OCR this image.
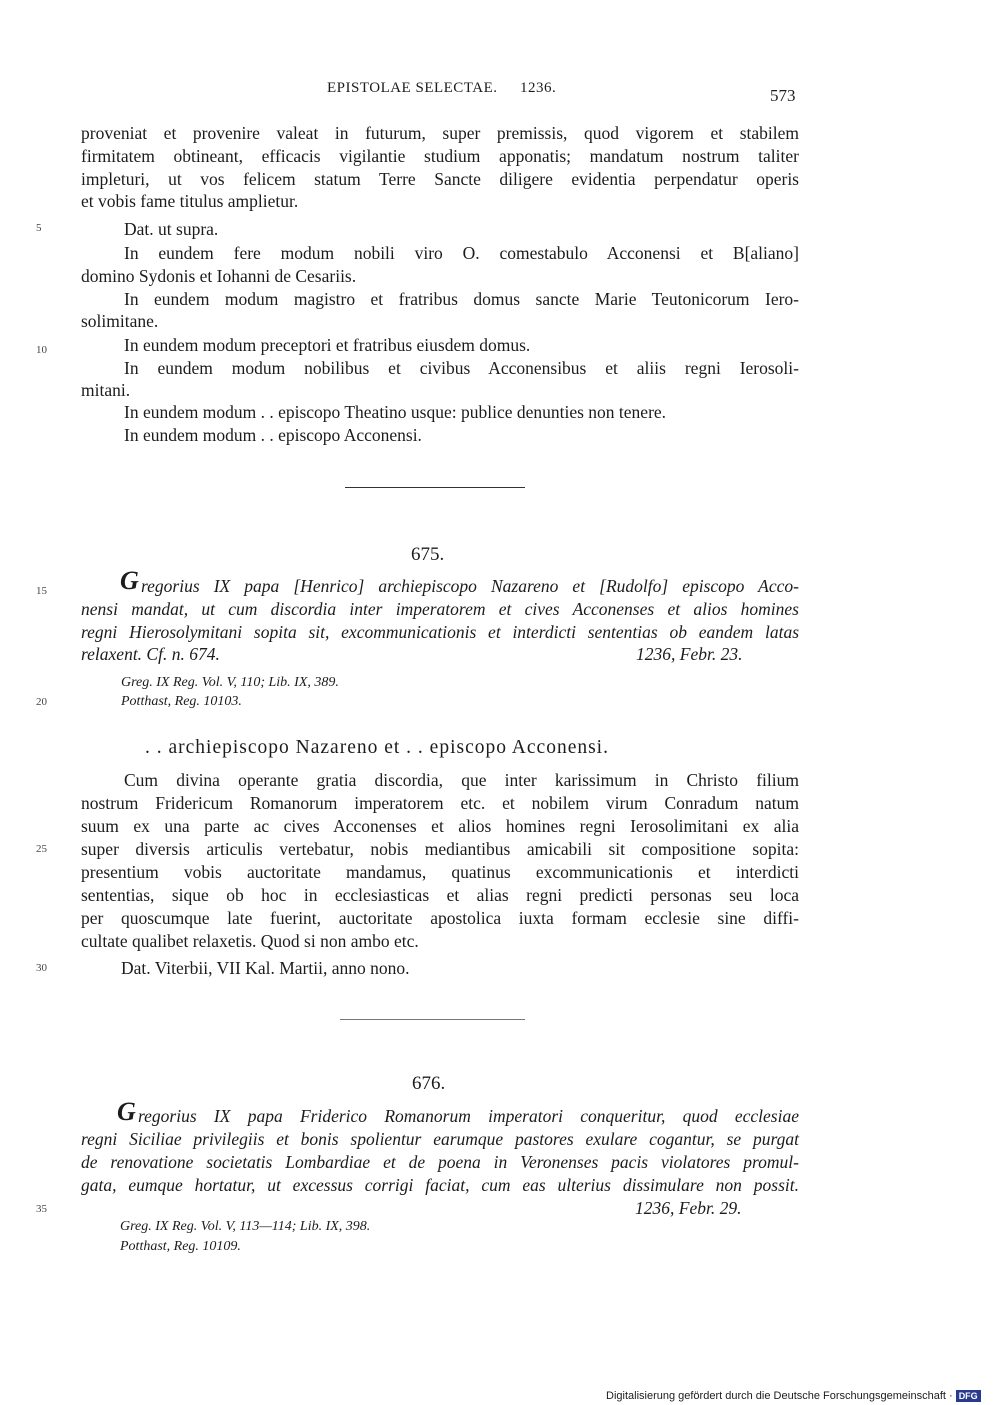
EPISTOLAE SELECTAE. 1236.	573
5
10
15
20
25
30
35
proveniat et provenire valeat in futurum, super premissis, quod vigorem et stabilem
firmitatem obtineant, efficacis vigilantie studium apponatis; mandatum nostrum taliter
impleturi, ut vos felicem statum Terre Sancte diligere evidentia perpendatur operis
et vobis fame titulus amplietur.
Dat. ut supra.
In eundem fere modum nobili viro O. comestabulo Acconensi et B[aliano]
domino Sydonis et Iohanni de Cesariis.
In eundem modum magistro et fratribus domus sancte Marie Teutonicorum Iero-
solimitane.
In eundem modum preceptori et fratribus eiusdem domus.
In eundem modum nobilibus et civibus Acconensibus et aliis regni Ierosoli-
mitani.
In eundem modum . . episcopo Theatino usque: publice denunties non tenere.
In eundem modum . . episcopo Acconensi.
675.
G regorius IX papa [Henrico] archiepiscopo Nazareno et [Rudolfo] episcopo Acco-
nensi mandat, ut cum discordia inter imperatorem et cives Acconenses et alios homines
regni Hierosolymitani sopita sit, excommunicationis et interdicti sententias ob eandem latas
relaxent. Cf. n. 674.	1236, Febr. 23.
Greg. IX Reg. Vol. V, 110; Lib. IX, 389.
Potthast, Reg. 10103.
. . archiepiscopo Nazareno et . . episcopo Acconensi.
Cum divina operante gratia discordia, que inter karissimum in Christo filium
nostrum Fridericum Romanorum imperatorem etc. et nobilem virum Conradum natum
suum ex una parte ac cives Acconenses et alios homines regni Ierosolimitani ex alia
super diversis articulis vertebatur, nobis mediantibus amicabili sit compositione sopita:
presentium vobis auctoritate mandamus, quatinus excommunicationis et interdicti
sententias, sique ob hoc in ecclesiasticas et alias regni predicti personas seu loca
per quoscumque late fuerint, auctoritate apostolica iuxta formam ecclesie sine diffi-
cultate qualibet relaxetis. Quod si non ambo etc.
Dat. Viterbii, VII Kal. Martii, anno nono.
676.
G regorius IX papa Friderico Romanorum imperatori conqueritur, quod ecclesiae
regni Siciliae privilegiis et bonis spolientur earumque pastores exulare cogantur, se purgat
de renovatione societatis Lombardiae et de poena in Veronenses pacis violatores promul-
gata, eumque hortatur, ut excessus corrigi faciat, cum eas ulterius dissimulare non possit.
1236, Febr. 29.
Greg. IX Reg. Vol. V, 113—114; Lib. IX, 398.
Potthast, Reg. 10109.
Digitalisierung gefördert durch die Deutsche Forschungsgemeinschaft · DFG
